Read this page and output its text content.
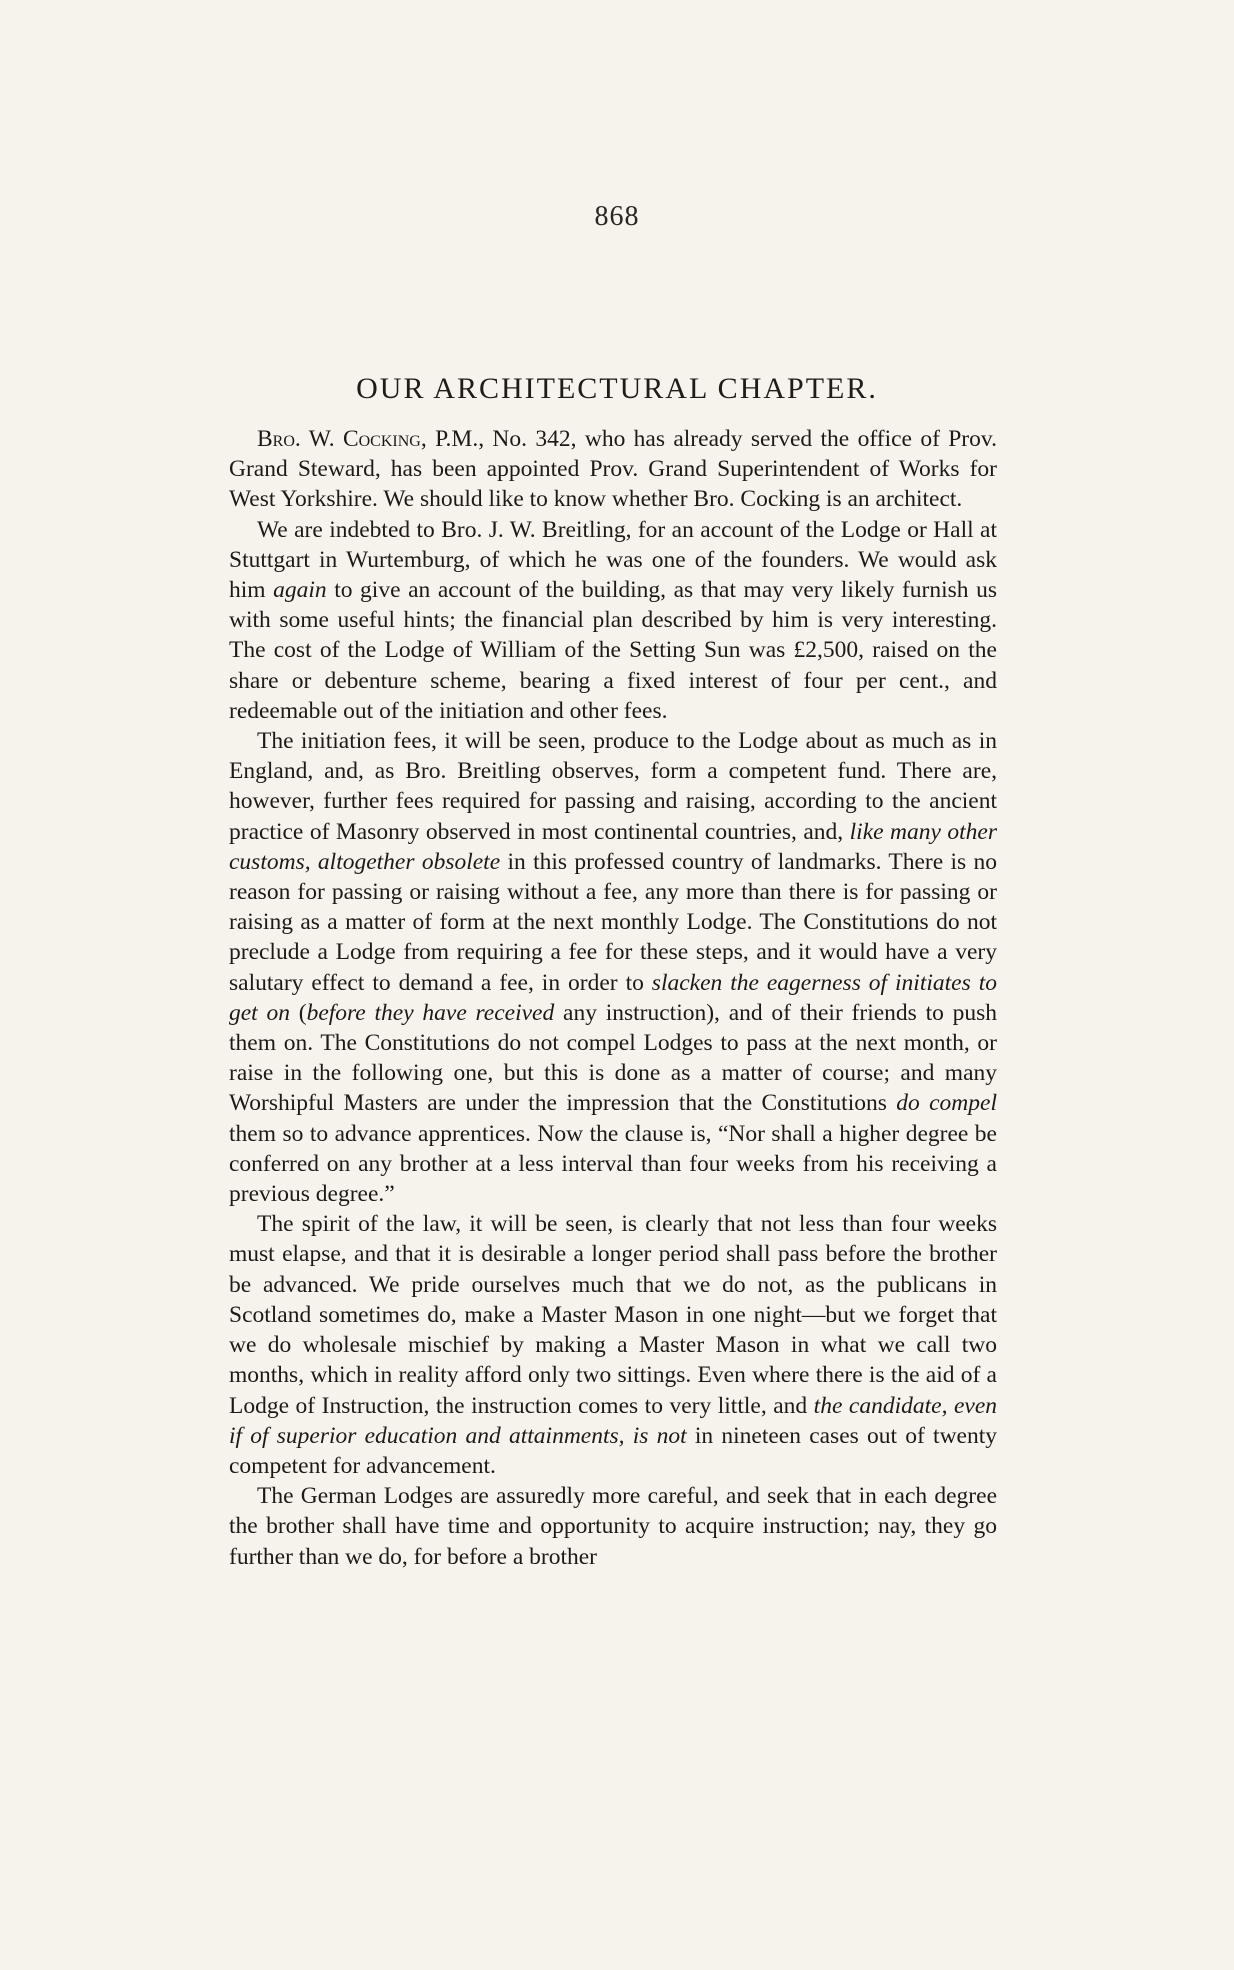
868
OUR ARCHITECTURAL CHAPTER.

Bro. W. Cocking, P.M., No. 342, who has already served the office of Prov. Grand Steward, has been appointed Prov. Grand Superintendent of Works for West Yorkshire. We should like to know whether Bro. Cocking is an architect.

We are indebted to Bro. J. W. Breitling, for an account of the Lodge or Hall at Stuttgart in Wurtemburg, of which he was one of the founders. We would ask him again to give an account of the building, as that may very likely furnish us with some useful hints; the financial plan described by him is very interesting. The cost of the Lodge of William of the Setting Sun was £2,500, raised on the share or debenture scheme, bearing a fixed interest of four per cent., and redeemable out of the initiation and other fees.

The initiation fees, it will be seen, produce to the Lodge about as much as in England, and, as Bro. Breitling observes, form a competent fund. There are, however, further fees required for passing and raising, according to the ancient practice of Masonry observed in most continental countries, and, like many other customs, altogether obsolete in this professed country of landmarks. There is no reason for passing or raising without a fee, any more than there is for passing or raising as a matter of form at the next monthly Lodge. The Constitutions do not preclude a Lodge from requiring a fee for these steps, and it would have a very salutary effect to demand a fee, in order to slacken the eagerness of initiates to get on (before they have received any instruction), and of their friends to push them on. The Constitutions do not compel Lodges to pass at the next month, or raise in the following one, but this is done as a matter of course; and many Worshipful Masters are under the impression that the Constitutions do compel them so to advance apprentices. Now the clause is, “Nor shall a higher degree be conferred on any brother at a less interval than four weeks from his receiving a previous degree.”

The spirit of the law, it will be seen, is clearly that not less than four weeks must elapse, and that it is desirable a longer period shall pass before the brother be advanced. We pride ourselves much that we do not, as the publicans in Scotland sometimes do, make a Master Mason in one night—but we forget that we do wholesale mischief by making a Master Mason in what we call two months, which in reality afford only two sittings. Even where there is the aid of a Lodge of Instruction, the instruction comes to very little, and the candidate, even if of superior education and attainments, is not in nineteen cases out of twenty competent for advancement.

The German Lodges are assuredly more careful, and seek that in each degree the brother shall have time and opportunity to acquire instruction; nay, they go further than we do, for before a brother
